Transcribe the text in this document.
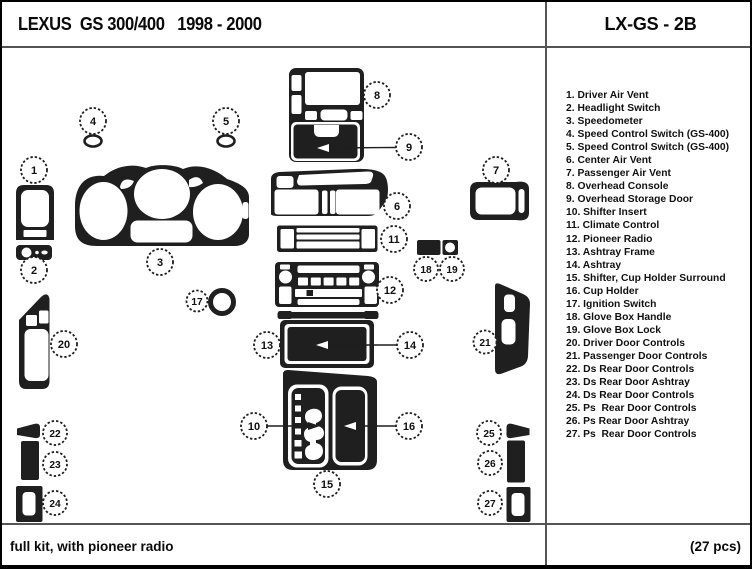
LEXUS  GS 300/400   1998 - 2000	LX-GS - 2B
1
2
3
4	5
6
7
8
9
10
11
12
13	14
15
16
17
18 19
20	21
22
23
24
25
26
27
1. Driver Air Vent
2. Headlight Switch
3. Speedometer
4. Speed Control Switch (GS-400)
5. Speed Control Switch (GS-400)
6. Center Air Vent
7. Passenger Air Vent
8. Overhead Console
9. Overhead Storage Door
10. Shifter Insert
11. Climate Control
12. Pioneer Radio
13. Ashtray Frame
14. Ashtray
15. Shifter, Cup Holder Surround
16. Cup Holder
17. Ignition Switch
18. Glove Box Handle
19. Glove Box Lock
20. Driver Door Controls
21. Passenger Door Controls
22. Ds Rear Door Controls
23. Ds Rear Door Ashtray
24. Ds Rear Door Controls
25. Ps  Rear Door Controls
26. Ps Rear Door Ashtray
27. Ps  Rear Door Controls
full kit, with pioneer radio	(27 pcs)
